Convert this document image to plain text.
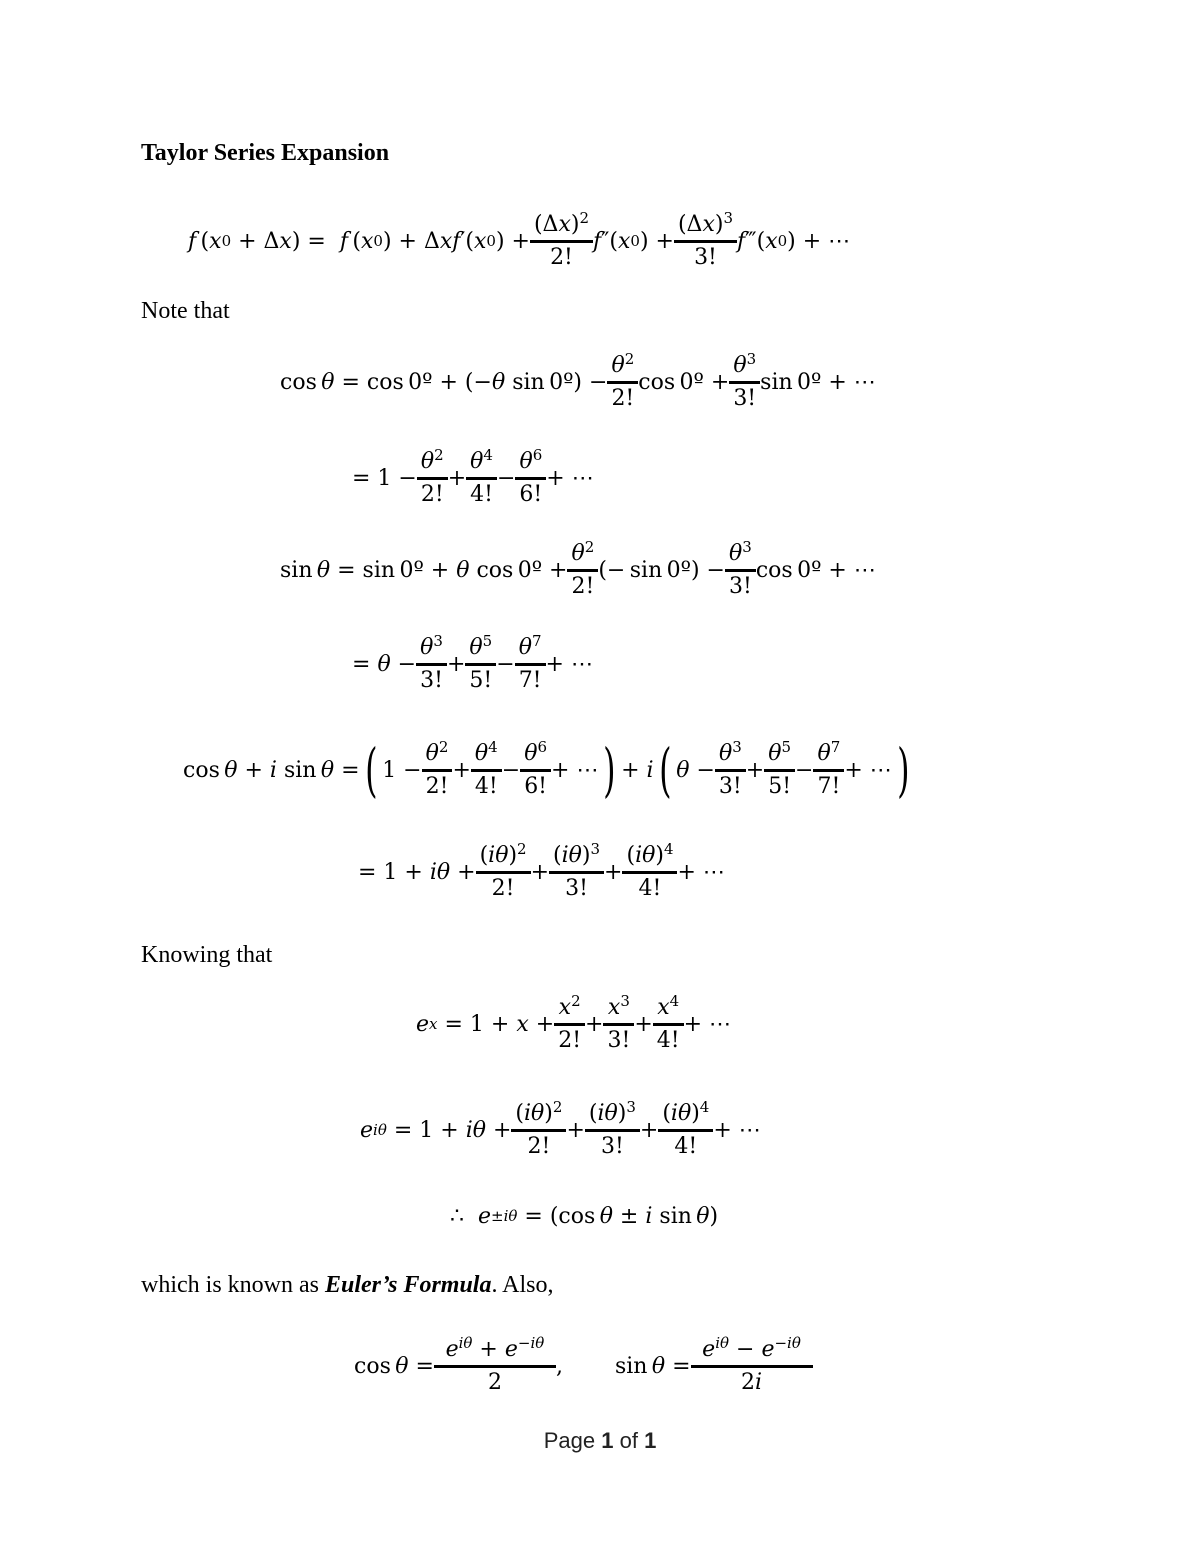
Taylor Series Expansion
f  ( x 0 + Δ x ) = f  ( x 0 ) + Δ xf ′( x 0 ) + $\frac{(\Delta x)^2}{2!}$ f ″( x 0 ) + $\frac{(\Delta x)^3}{3!}$ f ‴( x 0 ) + ⋯
Note that
cos  θ = cos 0º + (− θ sin 0º) − $\frac{\theta^2}{2!}$ cos 0º + $\frac{\theta^3}{3!}$ sin 0º + ⋯
= $1 - \frac{\theta^2}{2!} + \frac{\theta^4}{4!} - \frac{\theta^6}{6!}$ + ⋯
sin  θ = sin 0º + θ cos 0º + $\frac{\theta^2}{2!}$ (− sin 0º) − $\frac{\theta^3}{3!}$ cos 0º + ⋯
= $\theta - \frac{\theta^3}{3!} + \frac{\theta^5}{5!} - \frac{\theta^7}{7!}$ + ⋯
cos  θ + i sin  θ = ( $1 - \frac{\theta^2}{2!} + \frac{\theta^4}{4!} - \frac{\theta^6}{6!}$ + ⋯ ) + i ( $\theta - \frac{\theta^3}{3!} + \frac{\theta^5}{5!} - \frac{\theta^7}{7!}$ + ⋯ )
= $1 + i\theta + \frac{(i\theta)^2}{2!} + \frac{(i\theta)^3}{3!} + \frac{(i\theta)^4}{4!}$ + ⋯
Knowing that
e $x = 1 + x + \frac{x^2}{2!} + \frac{x^3}{3!} + \frac{x^4}{4!}$ + ⋯
e $i\theta = 1 + i\theta + \frac{(i\theta)^2}{2!} + \frac{(i\theta)^3}{3!} + \frac{(i\theta)^4}{4!}$ + ⋯
∴ e ±iθ = (cos  θ ± i sin  θ )
which is known as Euler’s Formula. Also,
$\cos \theta = \frac{e^{i\theta} + e^{-i\theta}}{2}$ ,
$\sin \theta = \frac{e^{i\theta} - e^{-i\theta}}{2i}$
Page 1 of 1
